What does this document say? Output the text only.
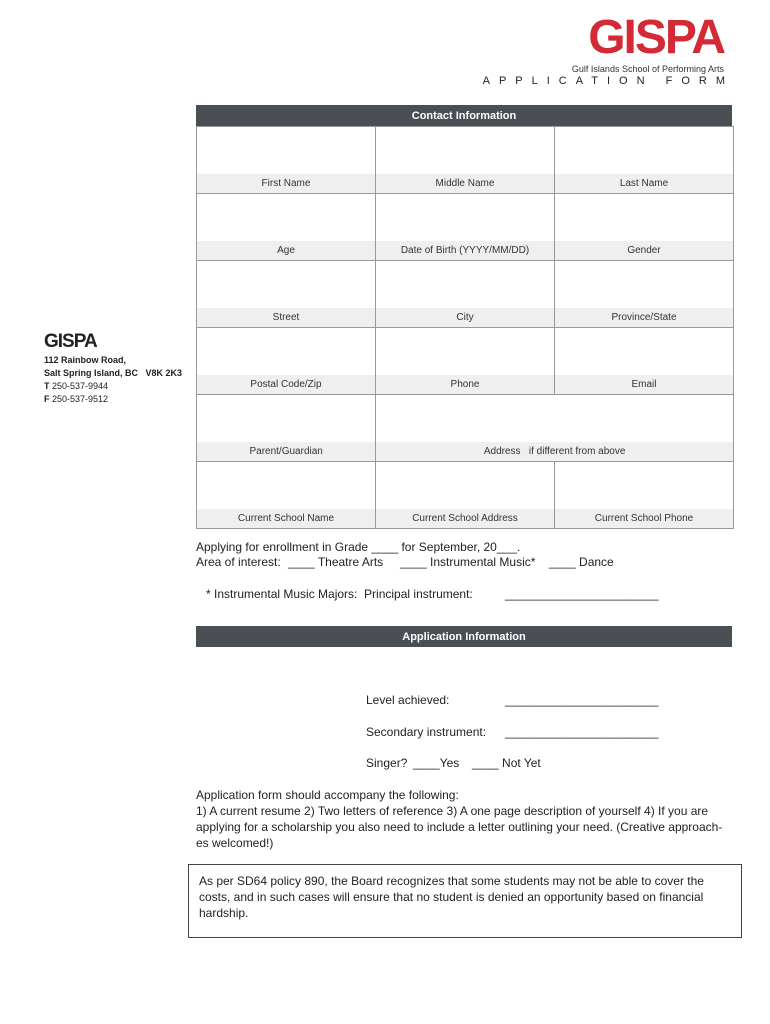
GISPA
Gulf Islands School of Performing Arts
APPLICATION FORM
Contact Information
First Name	Middle Name	Last Name
Age	Date of Birth (YYYY/MM/DD)	Gender
Street	City	Province/State
Postal Code/Zip	Phone	Email
Parent/Guardian	Address   if different from above
Current School Name	Current School Address	Current School Phone
GISPA
112 Rainbow Road,
Salt Spring Island, BC   V8K 2K3
T 250-537-9944
F 250-537-9512
Applying for enrollment in Grade ____ for September, 20___.
Area of interest: ____ Theatre Arts ____ Instrumental Music* ____ Dance
* Instrumental Music Majors:  Principal instrument:	_______________________
Application Information
Level achieved:	_______________________
Secondary instrument: _______________________
Singer? ____Yes ____ Not Yet
Application form should accompany the following:
1) A current resume 2) Two letters of reference 3) A one page description of yourself 4) If you are applying for a scholarship you also need to include a letter outlining your need. (Creative approach- es welcomed!)
As per SD64 policy 890, the Board recognizes that some students may not be able to cover the costs, and in such cases will ensure that no student is denied an opportunity based on financial hardship.
